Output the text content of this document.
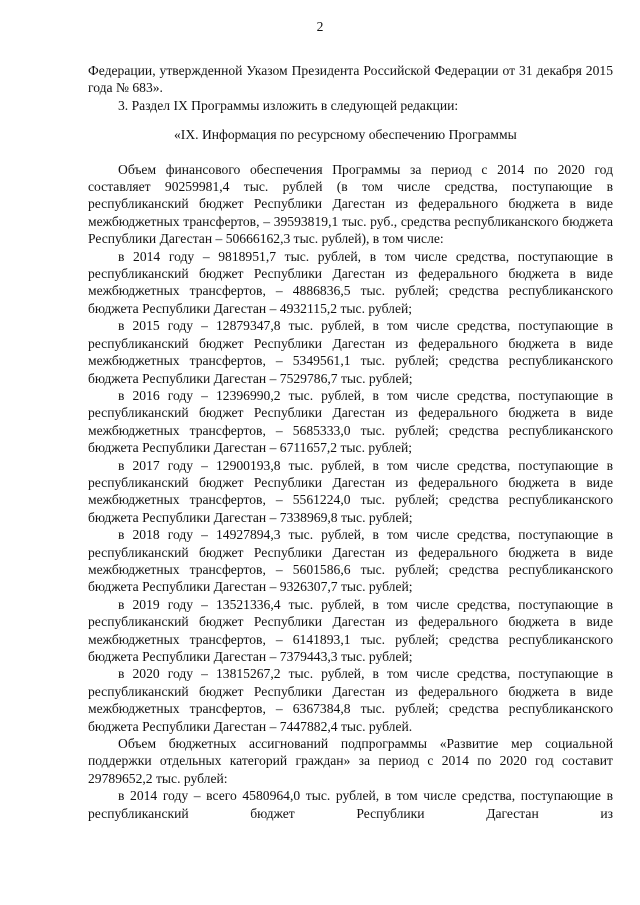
2

Федерации, утвержденной Указом Президента Российской Федерации от 31 декабря 2015 года № 683».

3. Раздел IX Программы изложить в следующей редакции:

«IX. Информация по ресурсному обеспечению Программы

Объем финансового обеспечения Программы за период с 2014 по 2020 год составляет 90259981,4 тыс. рублей (в том числе средства, поступающие в республиканский бюджет Республики Дагестан из федерального бюджета в виде межбюджетных трансфертов, – 39593819,1 тыс. руб., средства республиканского бюджета Республики Дагестан – 50666162,3 тыс. рублей), в том числе:

в 2014 году – 9818951,7 тыс. рублей, в том числе средства, поступающие в республиканский бюджет Республики Дагестан из федерального бюджета в виде межбюджетных трансфертов, – 4886836,5 тыс. рублей; средства республиканского бюджета Республики Дагестан – 4932115,2 тыс. рублей;

в 2015 году – 12879347,8 тыс. рублей, в том числе средства, поступающие в республиканский бюджет Республики Дагестан из федерального бюджета в виде межбюджетных трансфертов, – 5349561,1 тыс. рублей; средства республиканского бюджета Республики Дагестан – 7529786,7 тыс. рублей;

в 2016 году – 12396990,2 тыс. рублей, в том числе средства, поступающие в республиканский бюджет Республики Дагестан из федерального бюджета в виде межбюджетных трансфертов, – 5685333,0 тыс. рублей; средства республиканского бюджета Республики Дагестан – 6711657,2 тыс. рублей;

в 2017 году – 12900193,8 тыс. рублей, в том числе средства, поступающие в республиканский бюджет Республики Дагестан из федерального бюджета в виде межбюджетных трансфертов, – 5561224,0 тыс. рублей; средства республиканского бюджета Республики Дагестан – 7338969,8 тыс. рублей;

в 2018 году – 14927894,3 тыс. рублей, в том числе средства, поступающие в республиканский бюджет Республики Дагестан из федерального бюджета в виде межбюджетных трансфертов, – 5601586,6 тыс. рублей; средства республиканского бюджета Республики Дагестан – 9326307,7 тыс. рублей;

в 2019 году – 13521336,4 тыс. рублей, в том числе средства, поступающие в республиканский бюджет Республики Дагестан из федерального бюджета в виде межбюджетных трансфертов, – 6141893,1 тыс. рублей; средства республиканского бюджета Республики Дагестан – 7379443,3 тыс. рублей;

в 2020 году – 13815267,2 тыс. рублей, в том числе средства, поступающие в республиканский бюджет Республики Дагестан из федерального бюджета в виде межбюджетных трансфертов, – 6367384,8 тыс. рублей; средства республиканского бюджета Республики Дагестан – 7447882,4 тыс. рублей.

Объем бюджетных ассигнований подпрограммы «Развитие мер социальной поддержки отдельных категорий граждан» за период с 2014 по 2020 год составит 29789652,2 тыс. рублей:

в 2014 году – всего 4580964,0 тыс. рублей, в том числе средства, поступающие в республиканский бюджет Республики Дагестан из
